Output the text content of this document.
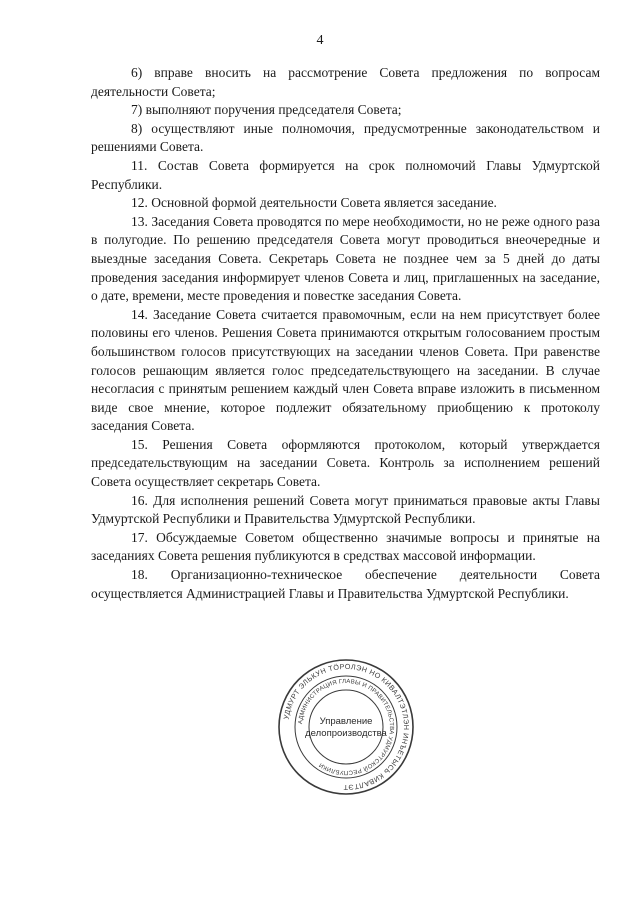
4

6) вправе вносить на рассмотрение Совета предложения по вопросам деятельности Совета;

7) выполняют поручения председателя Совета;

8) осуществляют иные полномочия, предусмотренные законодательством и решениями Совета.

11. Состав Совета формируется на срок полномочий Главы Удмуртской Республики.

12. Основной формой деятельности Совета является заседание.

13. Заседания Совета проводятся по мере необходимости, но не реже одного раза в полугодие. По решению председателя Совета могут проводиться внеочередные и выездные заседания Совета. Секретарь Совета не позднее чем за 5 дней до даты проведения заседания информирует членов Совета и лиц, приглашенных на заседание, о дате, времени, месте проведения и повестке заседания Совета.

14. Заседание Совета считается правомочным, если на нем присутствует более половины его членов. Решения Совета принимаются открытым голосованием простым большинством голосов присутствующих на заседании членов Совета. При равенстве голосов решающим является голос председательствующего на заседании. В случае несогласия с принятым решением каждый член Совета вправе изложить в письменном виде свое мнение, которое подлежит обязательному приобщению к протоколу заседания Совета.

15. Решения Совета оформляются протоколом, который утверждается председательствующим на заседании Совета. Контроль за исполнением решений Совета осуществляет секретарь Совета.

16. Для исполнения решений Совета могут приниматься правовые акты Главы Удмуртской Республики и Правительства Удмуртской Республики.

17. Обсуждаемые Советом общественно значимые вопросы и принятые на заседаниях Совета решения публикуются в средствах массовой информации.

18. Организационно-техническое обеспечение деятельности Совета осуществляется Администрацией Главы и Правительства Удмуртской Республики.

УДМУРТ ЭЛЬКУН ТӦРОЛЭН НО КИВАЛТЭТЛЭН ИНЪЕТЫСЬ КИВАЛТЭТ
АДМИНИСТРАЦИЯ ГЛАВЫ И ПРАВИТЕЛЬСТВА УДМУРТСКОЙ РЕСПУБЛИКИ
Управление
делопроизводства
